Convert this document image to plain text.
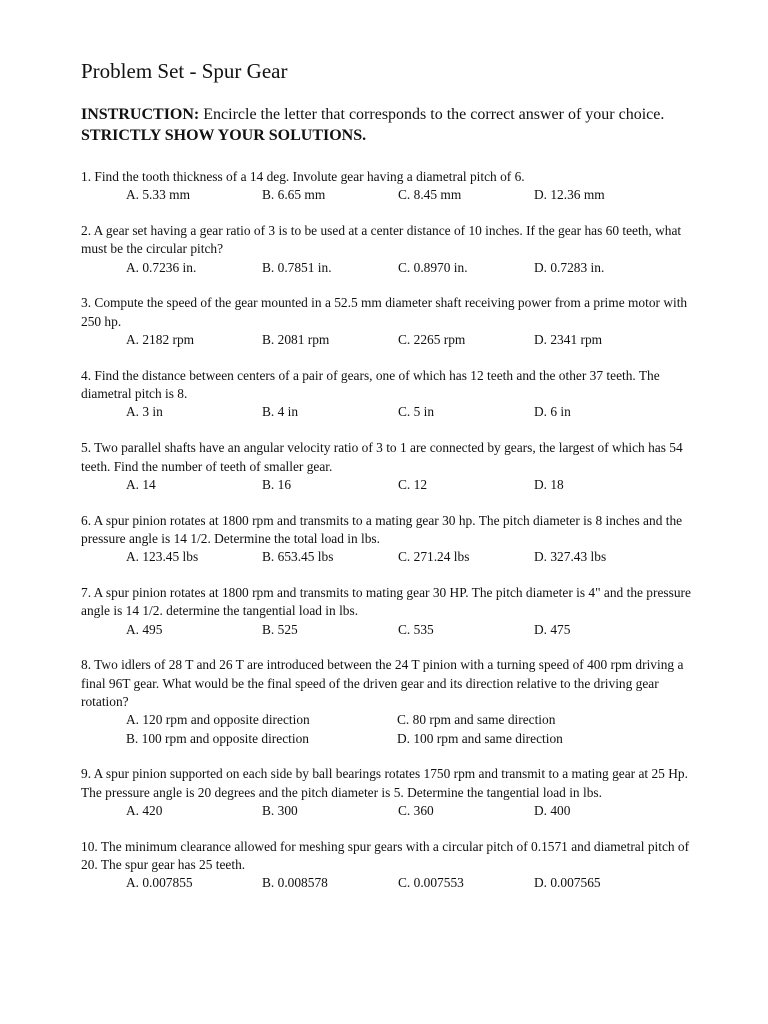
Problem Set - Spur Gear

INSTRUCTION: Encircle the letter that corresponds to the correct answer of your choice. STRICTLY SHOW YOUR SOLUTIONS.

1. Find the tooth thickness of a 14 deg. Involute gear having a diametral pitch of 6.
A. 5.33 mm	B. 6.65 mm	C. 8.45 mm	D. 12.36 mm
2. A gear set having a gear ratio of 3 is to be used at a center distance of 10 inches. If the gear has 60 teeth, what must be the circular pitch?
A. 0.7236 in.	B. 0.7851 in.	C. 0.8970 in.	D. 0.7283 in.
3. Compute the speed of the gear mounted in a 52.5 mm diameter shaft receiving power from a prime motor with 250 hp.
A. 2182 rpm	B. 2081 rpm	C. 2265 rpm	D. 2341 rpm
4. Find the distance between centers of a pair of gears, one of which has 12 teeth and the other 37 teeth. The diametral pitch is 8.
A. 3 in	B. 4 in	C. 5 in	D. 6 in
5. Two parallel shafts have an angular velocity ratio of 3 to 1 are connected by gears, the largest of which has 54 teeth. Find the number of teeth of smaller gear.
A. 14	B. 16	C. 12	D. 18
6. A spur pinion rotates at 1800 rpm and transmits to a mating gear 30 hp. The pitch diameter is 8 inches and the pressure angle is 14 1/2. Determine the total load in lbs.
A. 123.45 lbs	B. 653.45 lbs	C. 271.24 lbs	D. 327.43 lbs
7. A spur pinion rotates at 1800 rpm and transmits to mating gear 30 HP. The pitch diameter is 4" and the pressure angle is 14 1/2. determine the tangential load in lbs.
A. 495	B. 525	C. 535	D. 475
8. Two idlers of 28 T and 26 T are introduced between the 24 T pinion with a turning speed of 400 rpm driving a final 96T gear. What would be the final speed of the driven gear and its direction relative to the driving gear rotation?
A. 120 rpm and opposite direction	C. 80 rpm and same direction
B. 100 rpm and opposite direction	D. 100 rpm and same direction
9. A spur pinion supported on each side by ball bearings rotates 1750 rpm and transmit to a mating gear at 25 Hp. The pressure angle is 20 degrees and the pitch diameter is 5. Determine the tangential load in lbs.
A. 420	B. 300	C. 360	D. 400
10. The minimum clearance allowed for meshing spur gears with a circular pitch of 0.1571 and diametral pitch of 20. The spur gear has 25 teeth.
A. 0.007855	B. 0.008578	C. 0.007553	D. 0.007565
